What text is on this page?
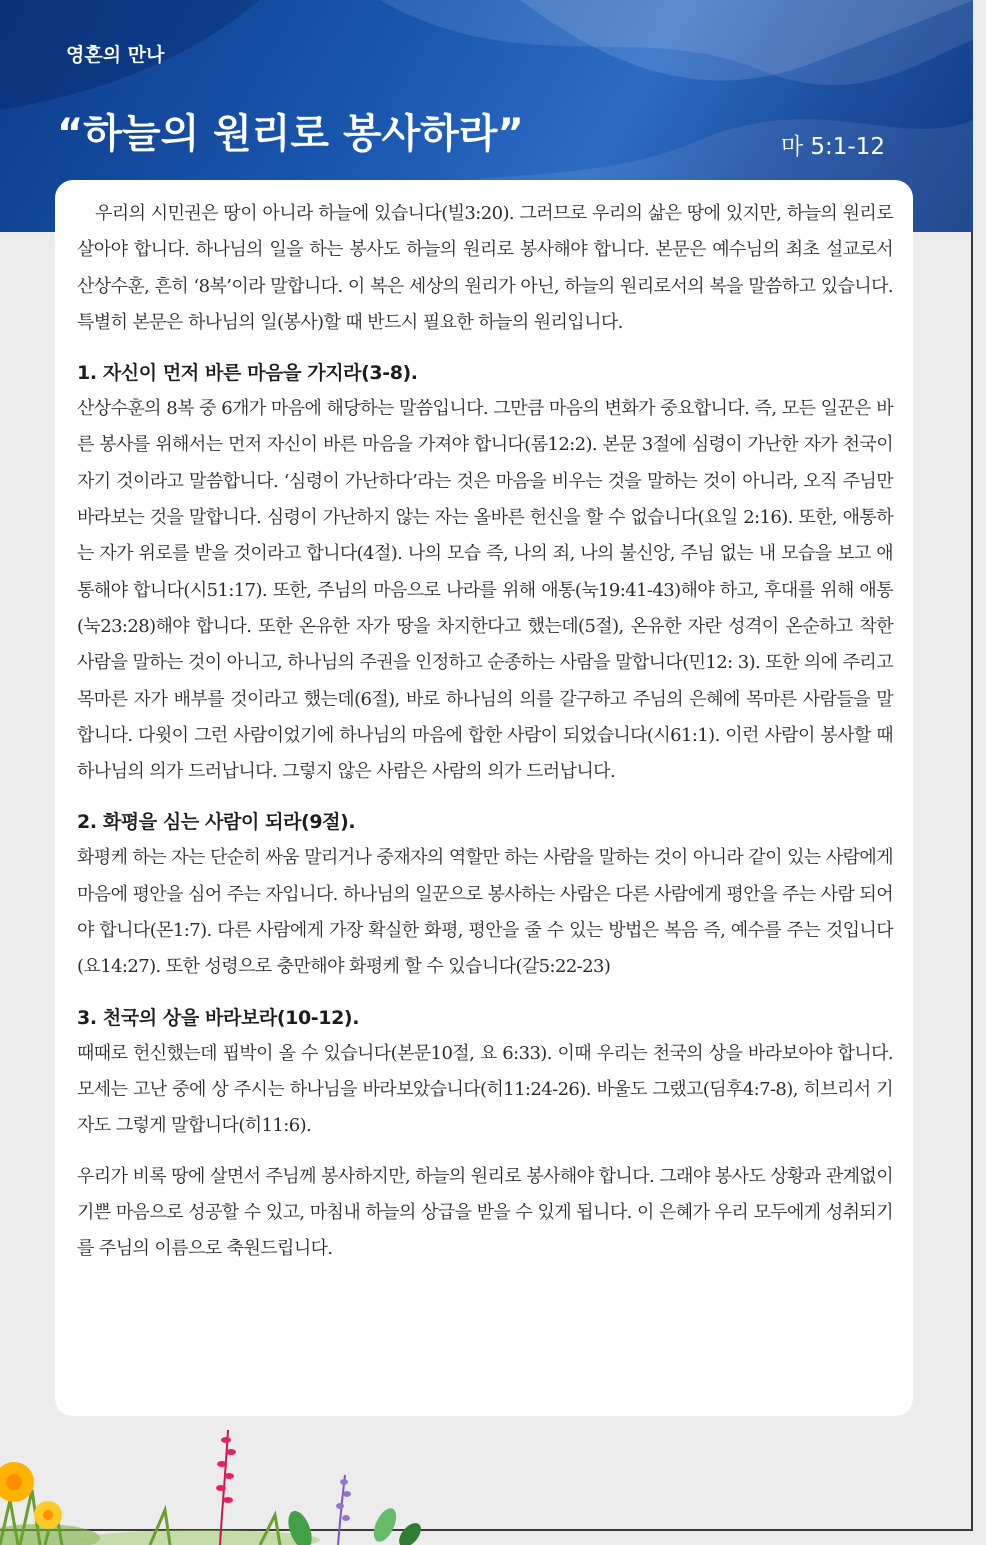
영혼의 만나
“하늘의 원리로 봉사하라”	마 5:1-12

우리의 시민권은 땅이 아니라 하늘에 있습니다(빌3:20). 그러므로 우리의 삶은 땅에 있지만, 하늘의 원리로 살아야 합니다. 하나님의 일을 하는 봉사도 하늘의 원리로 봉사해야 합니다. 본문은 예수님의 최초 설교로서 산상수훈, 흔히 ‘8복’이라 말합니다. 이 복은 세상의 원리가 아닌, 하늘의 원리로서의 복을 말씀하고 있습니다. 특별히 본문은 하나님의 일(봉사)할 때 반드시 필요한 하늘의 원리입니다.

1. 자신이 먼저 바른 마음을 가지라(3-8).

산상수훈의 8복 중 6개가 마음에 해당하는 말씀입니다. 그만큼 마음의 변화가 중요합니다. 즉, 모든 일꾼은 바른 봉사를 위해서는 먼저 자신이 바른 마음을 가져야 합니다(롬12:2). 본문 3절에 심령이 가난한 자가 천국이 자기 것이라고 말씀합니다. ‘심령이 가난하다’라는 것은 마음을 비우는 것을 말하는 것이 아니라, 오직 주님만 바라보는 것을 말합니다. 심령이 가난하지 않는 자는 올바른 헌신을 할 수 없습니다(요일 2:16). 또한, 애통하는 자가 위로를 받을 것이라고 합니다(4절). 나의 모습 즉, 나의 죄, 나의 불신앙, 주님 없는 내 모습을 보고 애통해야 합니다(시51:17). 또한, 주님의 마음으로 나라를 위해 애통(눅19:41-43)해야 하고, 후대를 위해 애통(눅23:28)해야 합니다. 또한 온유한 자가 땅을 차지한다고 했는데(5절), 온유한 자란 성격이 온순하고 착한 사람을 말하는 것이 아니고, 하나님의 주권을 인정하고 순종하는 사람을 말합니다(민12: 3). 또한 의에 주리고 목마른 자가 배부를 것이라고 했는데(6절), 바로 하나님의 의를 갈구하고 주님의 은혜에 목마른 사람들을 말합니다. 다윗이 그런 사람이었기에 하나님의 마음에 합한 사람이 되었습니다(시61:1). 이런 사람이 봉사할 때 하나님의 의가 드러납니다. 그렇지 않은 사람은 사람의 의가 드러납니다.

2. 화평을 심는 사람이 되라(9절).

화평케 하는 자는 단순히 싸움 말리거나 중재자의 역할만 하는 사람을 말하는 것이 아니라 같이 있는 사람에게 마음에 평안을 심어 주는 자입니다. 하나님의 일꾼으로 봉사하는 사람은 다른 사람에게 평안을 주는 사람 되어야 합니다(몬1:7). 다른 사람에게 가장 확실한 화평, 평안을 줄 수 있는 방법은 복음 즉, 예수를 주는 것입니다(요14:27). 또한 성령으로 충만해야 화평케 할 수 있습니다(갈5:22-23)

3. 천국의 상을 바라보라(10-12).

때때로 헌신했는데 핍박이 올 수 있습니다(본문10절, 요 6:33). 이때 우리는 천국의 상을 바라보아야 합니다. 모세는 고난 중에 상 주시는 하나님을 바라보았습니다(히11:24-26). 바울도 그랬고(딤후4:7-8), 히브리서 기자도 그렇게 말합니다(히11:6).

우리가 비록 땅에 살면서 주님께 봉사하지만, 하늘의 원리로 봉사해야 합니다. 그래야 봉사도 상황과 관계없이 기쁜 마음으로 성공할 수 있고, 마침내 하늘의 상급을 받을 수 있게 됩니다. 이 은혜가 우리 모두에게 성취되기를 주님의 이름으로 축원드립니다.
